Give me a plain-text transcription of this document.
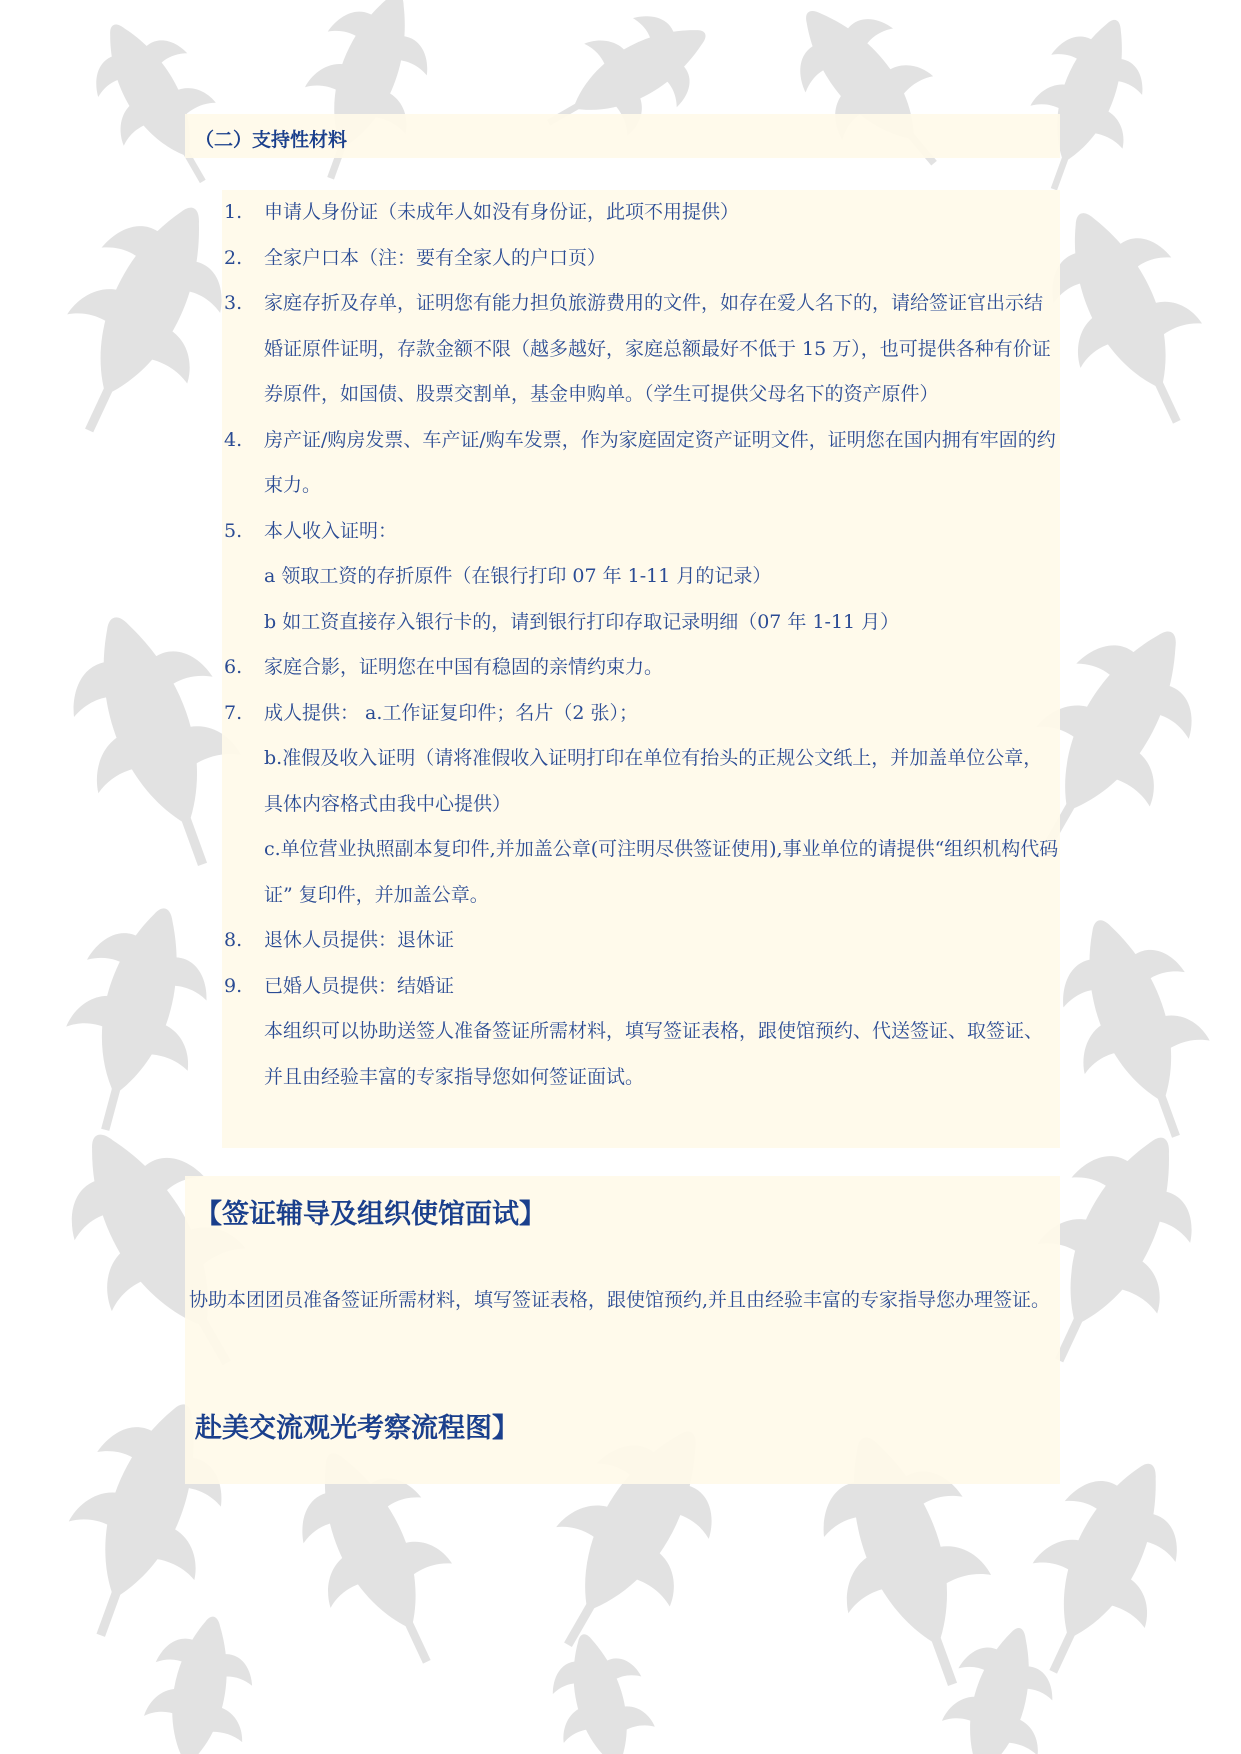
（二）支持性材料
1. 申请人身份证（未成年人如没有身份证，此项不用提供）
2. 全家户口本（注：要有全家人的户口页）
3. 家庭存折及存单，证明您有能力担负旅游费用的文件，如存在爱人名下的，请给签证官出示结婚证原件证明，存款金额不限（越多越好，家庭总额最好不低于 15 万），也可提供各种有价证券原件，如国债、股票交割单，基金申购单。（学生可提供父母名下的资产原件）
4. 房产证/购房发票、车产证/购车发票，作为家庭固定资产证明文件，证明您在国内拥有牢固的约束力。
5. 本人收入证明：
a 领取工资的存折原件（在银行打印 07 年 1-11 月的记录）
b 如工资直接存入银行卡的，请到银行打印存取记录明细（07 年 1-11 月）
6. 家庭合影，证明您在中国有稳固的亲情约束力。
7. 成人提供： a.工作证复印件；名片（2 张）；
b.准假及收入证明（请将准假收入证明打印在单位有抬头的正规公文纸上，并加盖单位公章，具体内容格式由我中心提供）
c.单位营业执照副本复印件,并加盖公章(可注明尽供签证使用),事业单位的请提供“组织机构代码证” 复印件，并加盖公章。
8. 退休人员提供：退休证
9. 已婚人员提供：结婚证
本组织可以协助送签人准备签证所需材料，填写签证表格，跟使馆预约、代送签证、取签证、并且由经验丰富的专家指导您如何签证面试。
【签证辅导及组织使馆面试】

协助本团团员准备签证所需材料，填写签证表格，跟使馆预约,并且由经验丰富的专家指导您办理签证。

赴美交流观光考察流程图】
